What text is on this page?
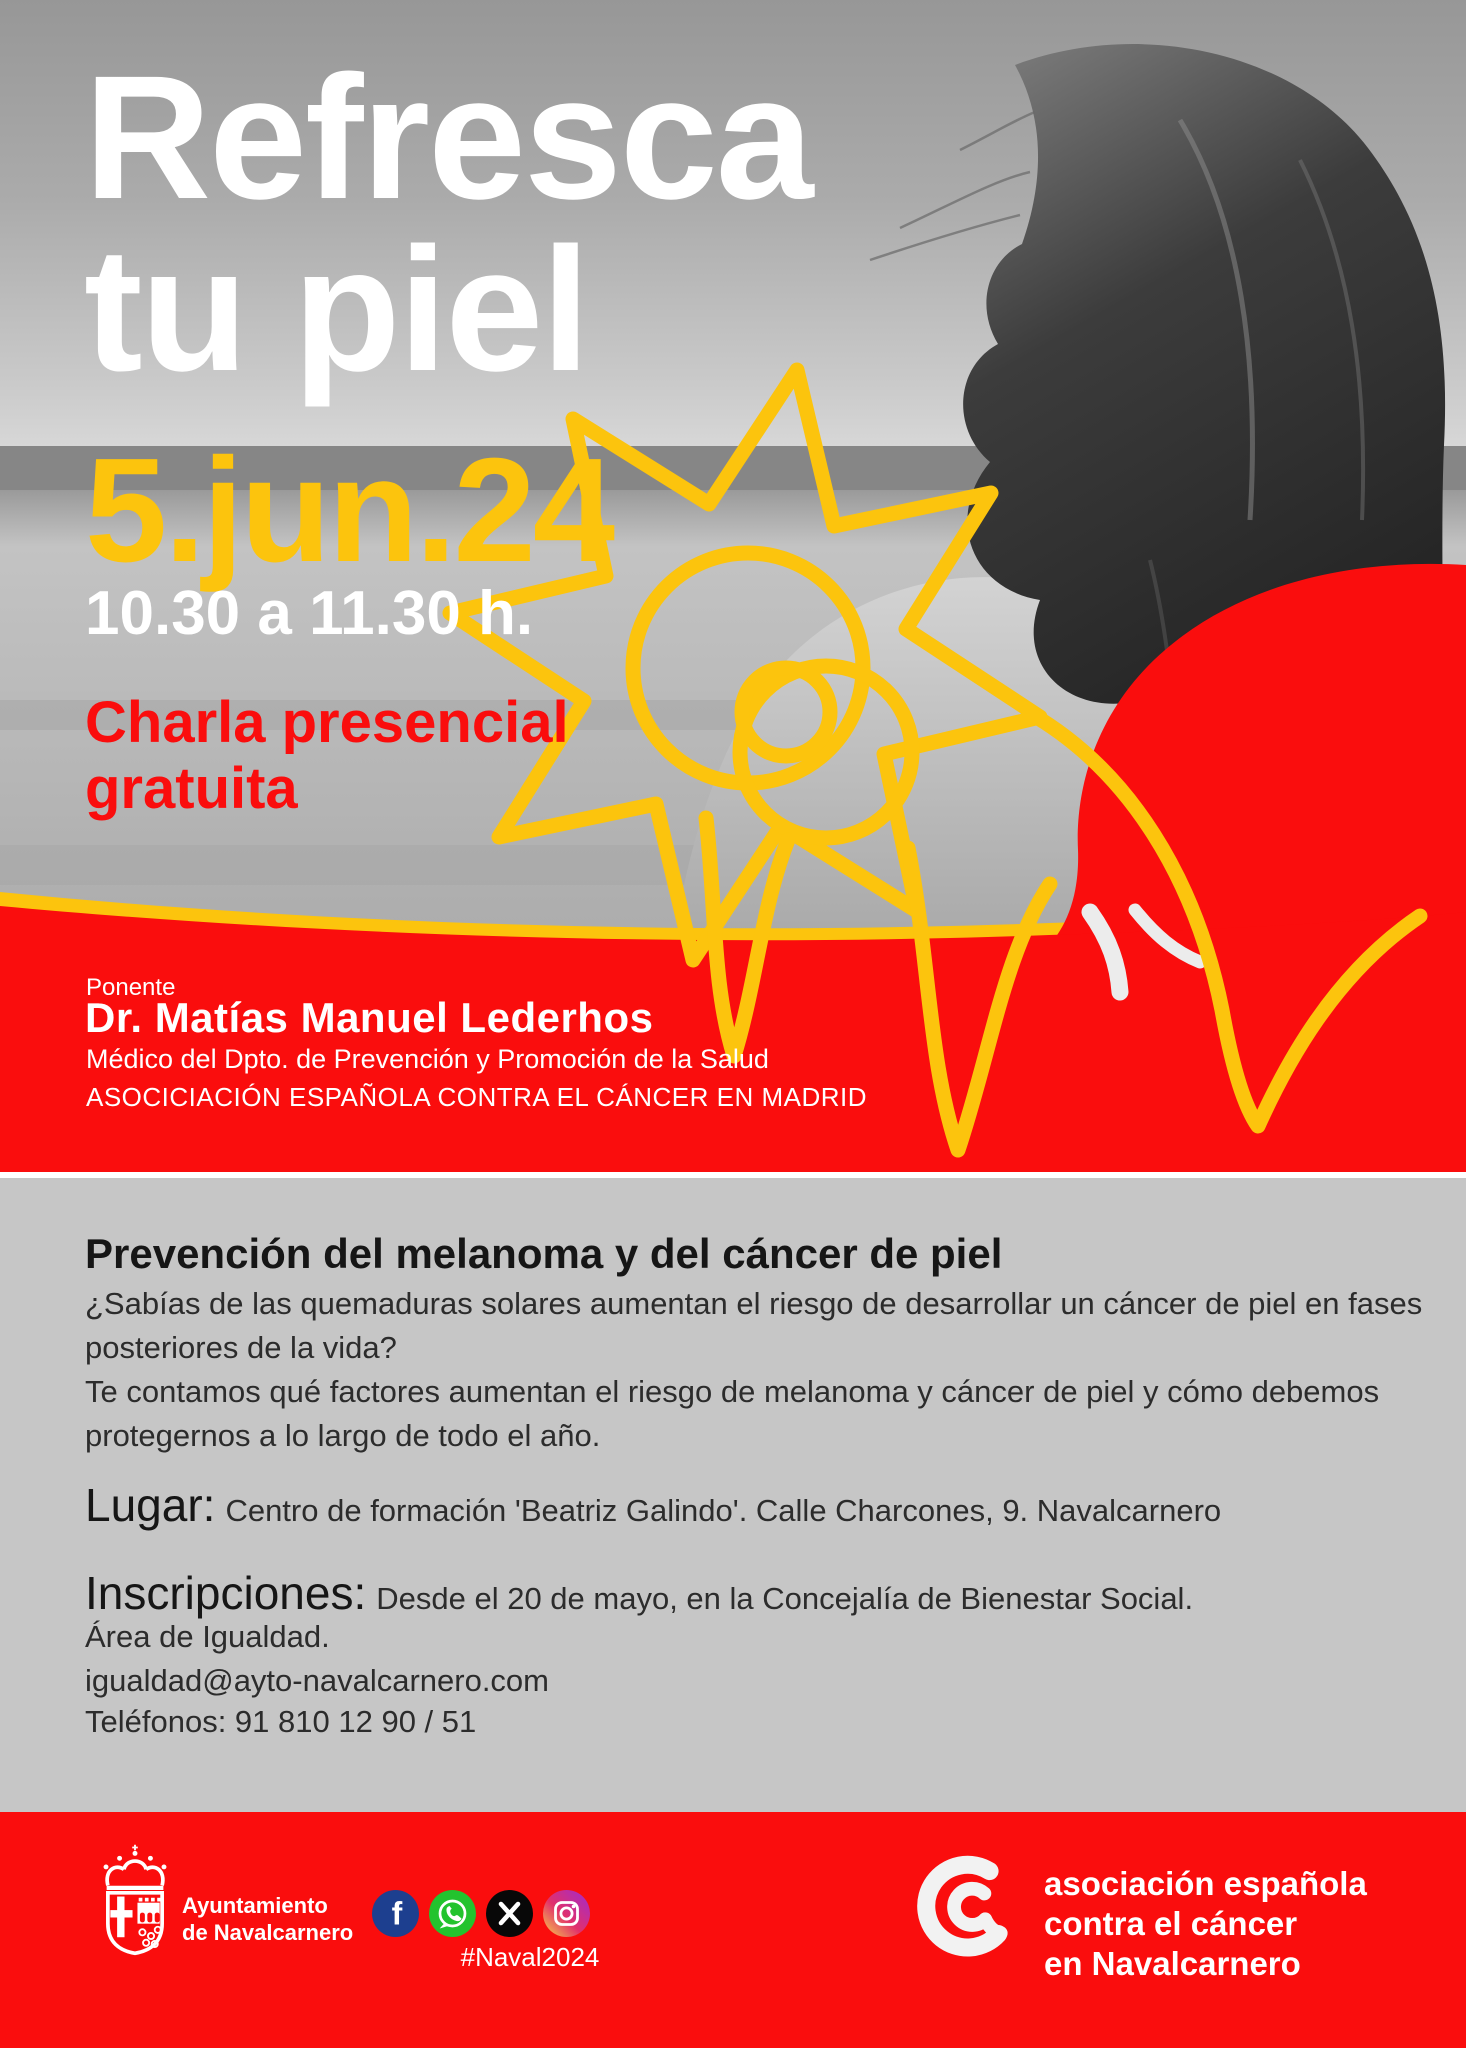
Refresca
tu piel
5.jun.24
10.30 a 11.30 h.
Charla presencial
gratuita
Ponente
Dr. Matías Manuel Lederhos
Médico del Dpto. de Prevención y Promoción de la Salud
ASOCICIACIÓN ESPAÑOLA CONTRA EL CÁNCER EN MADRID
Prevención del melanoma y del cáncer de piel

¿Sabías de las quemaduras solares aumentan el riesgo de desarrollar un cáncer de piel en fases

posteriores de la vida?

Te contamos qué factores aumentan el riesgo de melanoma y cáncer de piel y cómo debemos

protegernos a lo largo de todo el año.

Lugar: Centro de formación 'Beatriz Galindo'. Calle Charcones, 9. Navalcarnero
Inscripciones: Desde el 20 de mayo, en la Concejalía de Bienestar Social.
Área de Igualdad.
igualdad@ayto-navalcarnero.com
Teléfonos: 91 810 12 90 / 51
Ayuntamiento
de Navalcarnero
f
#Naval2024
asociación española
contra el cáncer
en Navalcarnero
